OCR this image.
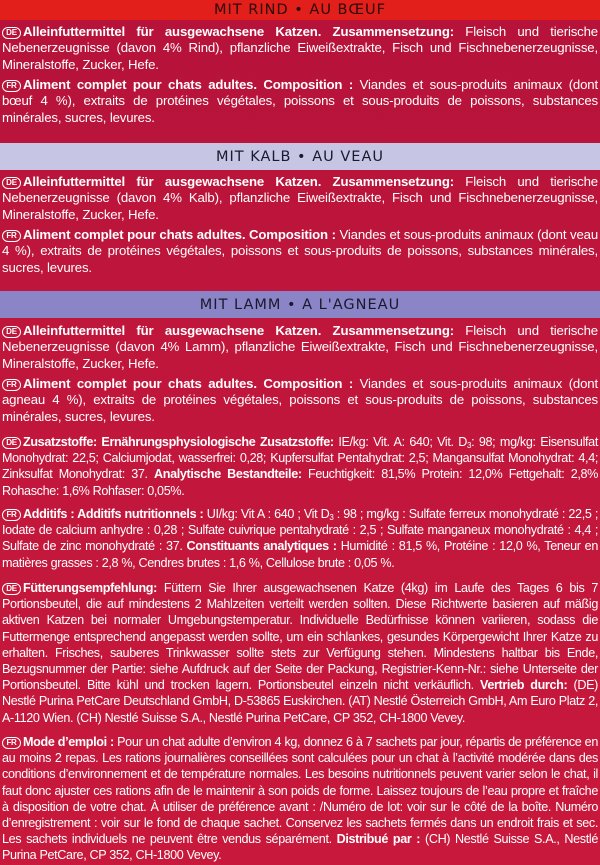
MIT RIND • AU BŒUF
DE Alleinfuttermittel für ausgewachsene Katzen. Zusammensetzung: Fleisch und tierische Nebenerzeugnisse (davon 4% Rind), pflanzliche Eiweißextrakte, Fisch und Fischnebenerzeugnisse, Mineralstoffe, Zucker, Hefe.
FR Aliment complet pour chats adultes. Composition : Viandes et sous-produits animaux (dont bœuf 4 %), extraits de protéines végétales, poissons et sous-produits de poissons, substances minérales, sucres, levures.
MIT KALB • AU VEAU
DE Alleinfuttermittel für ausgewachsene Katzen. Zusammensetzung: Fleisch und tierische Nebenerzeugnisse (davon 4% Kalb), pflanzliche Eiweißextrakte, Fisch und Fischnebenerzeugnisse, Mineralstoffe, Zucker, Hefe.
FR Aliment complet pour chats adultes. Composition : Viandes et sous-produits animaux (dont veau 4 %), extraits de protéines végétales, poissons et sous-produits de poissons, substances minérales, sucres, levures.
MIT LAMM • A L'AGNEAU
DE Alleinfuttermittel für ausgewachsene Katzen. Zusammensetzung: Fleisch und tierische Nebenerzeugnisse (davon 4% Lamm), pflanzliche Eiweißextrakte, Fisch und Fischnebenerzeugnisse, Mineralstoffe, Zucker, Hefe.
FR Aliment complet pour chats adultes. Composition : Viandes et sous-produits animaux (dont agneau 4 %), extraits de protéines végétales, poissons et sous-produits de poissons, substances minérales, sucres, levures.
DE Zusatzstoffe: Ernährungsphysiologische Zusatzstoffe: IE/kg: Vit. A: 640; Vit. $D_3$: 98; mg/kg: Eisensulfat Monohydrat: 22,5; Calciumjodat, wasserfrei: 0,28; Kupfersulfat Pentahydrat: 2,5; Mangansulfat Monohydrat: 4,4; Zinksulfat Monohydrat: 37. Analytische Bestandteile: Feuchtigkeit: 81,5% Protein: 12,0% Fettgehalt: 2,8% Rohasche: 1,6% Rohfaser: 0,05%.
FR Additifs : Additifs nutritionnels : UI/kg: Vit A : 640 ; Vit $D_3$ : 98 ; mg/kg : Sulfate ferreux monohydraté : 22,5 ; Iodate de calcium anhydre : 0,28 ; Sulfate cuivrique pentahydraté : 2,5 ; Sulfate manganeux monohydraté : 4,4 ; Sulfate de zinc monohydraté : 37. Constituants analytiques : Humidité : 81,5 %, Protéine : 12,0 %, Teneur en matières grasses : 2,8 %, Cendres brutes : 1,6 %, Cellulose brute : 0,05 %.
DE Fütterungsempfehlung: Füttern Sie Ihrer ausgewachsenen Katze (4kg) im Laufe des Tages 6 bis 7 Portionsbeutel, die auf mindestens 2 Mahlzeiten verteilt werden sollten. Diese Richtwerte basieren auf mäßig aktiven Katzen bei normaler Umgebungstemperatur. Individuelle Bedürfnisse können variieren, sodass die Futtermenge entsprechend angepasst werden sollte, um ein schlankes, gesundes Körpergewicht Ihrer Katze zu erhalten. Frisches, sauberes Trinkwasser sollte stets zur Verfügung stehen. Mindestens haltbar bis Ende, Bezugsnummer der Partie: siehe Aufdruck auf der Seite der Packung, Registrier-Kenn-Nr.: siehe Unterseite der Portionsbeutel. Bitte kühl und trocken lagern. Portionsbeutel einzeln nicht verkäuflich. Vertrieb durch: (DE) Nestlé Purina PetCare Deutschland GmbH, D-53865 Euskirchen. (AT) Nestlé Österreich GmbH, Am Euro Platz 2, A-1120 Wien. (CH) Nestlé Suisse S.A., Nestlé Purina PetCare, CP 352, CH-1800 Vevey.
FR Mode d’emploi : Pour un chat adulte d’environ 4 kg, donnez 6 à 7 sachets par jour, répartis de préférence en au moins 2 repas. Les rations journalières conseillées sont calculées pour un chat à l’activité modérée dans des conditions d’environnement et de température normales. Les besoins nutritionnels peuvent varier selon le chat, il faut donc ajuster ces rations afin de le maintenir à son poids de forme. Laissez toujours de l’eau propre et fraîche à disposition de votre chat. À utiliser de préférence avant : /Numéro de lot: voir sur le côté de la boîte. Numéro d’enregistrement : voir sur le fond de chaque sachet. Conservez les sachets fermés dans un endroit frais et sec. Les sachets individuels ne peuvent être vendus séparément. Distribué par : (CH) Nestlé Suisse S.A., Nestlé Purina PetCare, CP 352, CH-1800 Vevey.
